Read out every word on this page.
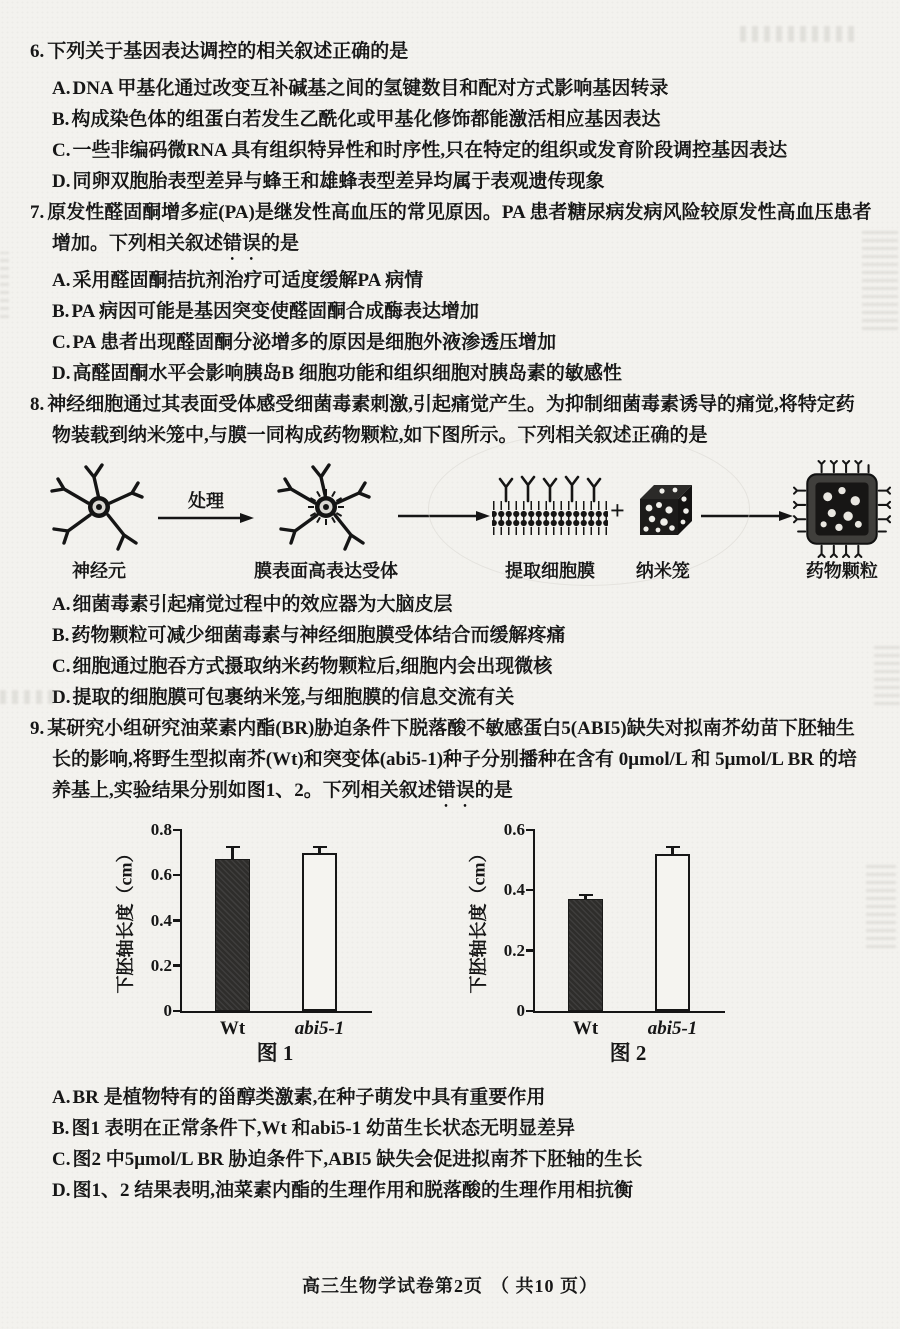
6. 下列关于基因表达调控的相关叙述正确的是

A. DNA 甲基化通过改变互补碱基之间的氢键数目和配对方式影响基因转录

B. 构成染色体的组蛋白若发生乙酰化或甲基化修饰都能激活相应基因表达

C. 一些非编码微RNA 具有组织特异性和时序性,只在特定的组织或发育阶段调控基因表达

D. 同卵双胞胎表型差异与蜂王和雄蜂表型差异均属于表观遗传现象

7. 原发性醛固酮增多症(PA)是继发性高血压的常见原因。PA 患者糖尿病发病风险较原发性高血压患者增加。下列相关叙述错误的是

A. 采用醛固酮拮抗剂治疗可适度缓解PA 病情

B. PA 病因可能是基因突变使醛固酮合成酶表达增加

C. PA 患者出现醛固酮分泌增多的原因是细胞外液渗透压增加

D. 高醛固酮水平会影响胰岛B 细胞功能和组织细胞对胰岛素的敏感性

8. 神经细胞通过其表面受体感受细菌毒素刺激,引起痛觉产生。为抑制细菌毒素诱导的痛觉,将特定药物装载到纳米笼中,与膜一同构成药物颗粒,如下图所示。下列相关叙述正确的是

神经元
处理
膜表面高表达受体	提取细胞膜
+
纳米笼	药物颗粒

A. 细菌毒素引起痛觉过程中的效应器为大脑皮层

B. 药物颗粒可减少细菌毒素与神经细胞膜受体结合而缓解疼痛

C. 细胞通过胞吞方式摄取纳米药物颗粒后,细胞内会出现微核

D. 提取的细胞膜可包裹纳米笼,与细胞膜的信息交流有关

9. 某研究小组研究油菜素内酯(BR)胁迫条件下脱落酸不敏感蛋白5(ABI5)缺失对拟南芥幼苗下胚轴生长的影响,将野生型拟南芥(Wt)和突变体(abi5-1)种子分别播种在含有 0μmol/L 和 5μmol/L BR 的培养基上,实验结果分别如图1、2。下列相关叙述错误的是

下胚轴长度（cm）
0
0.2
0.4
0.6
0.8
Wt	abi5-1
图 1
下胚轴长度（cm）
0
0.2
0.4
0.6
Wt	abi5-1
图 2

A. BR 是植物特有的甾醇类激素,在种子萌发中具有重要作用

B. 图1 表明在正常条件下,Wt 和abi5-1 幼苗生长状态无明显差异

C. 图2 中5μmol/L BR 胁迫条件下,ABI5 缺失会促进拟南芥下胚轴的生长

D. 图1、2 结果表明,油菜素内酯的生理作用和脱落酸的生理作用相抗衡

高三生物学试卷第2页 （ 共10 页）
